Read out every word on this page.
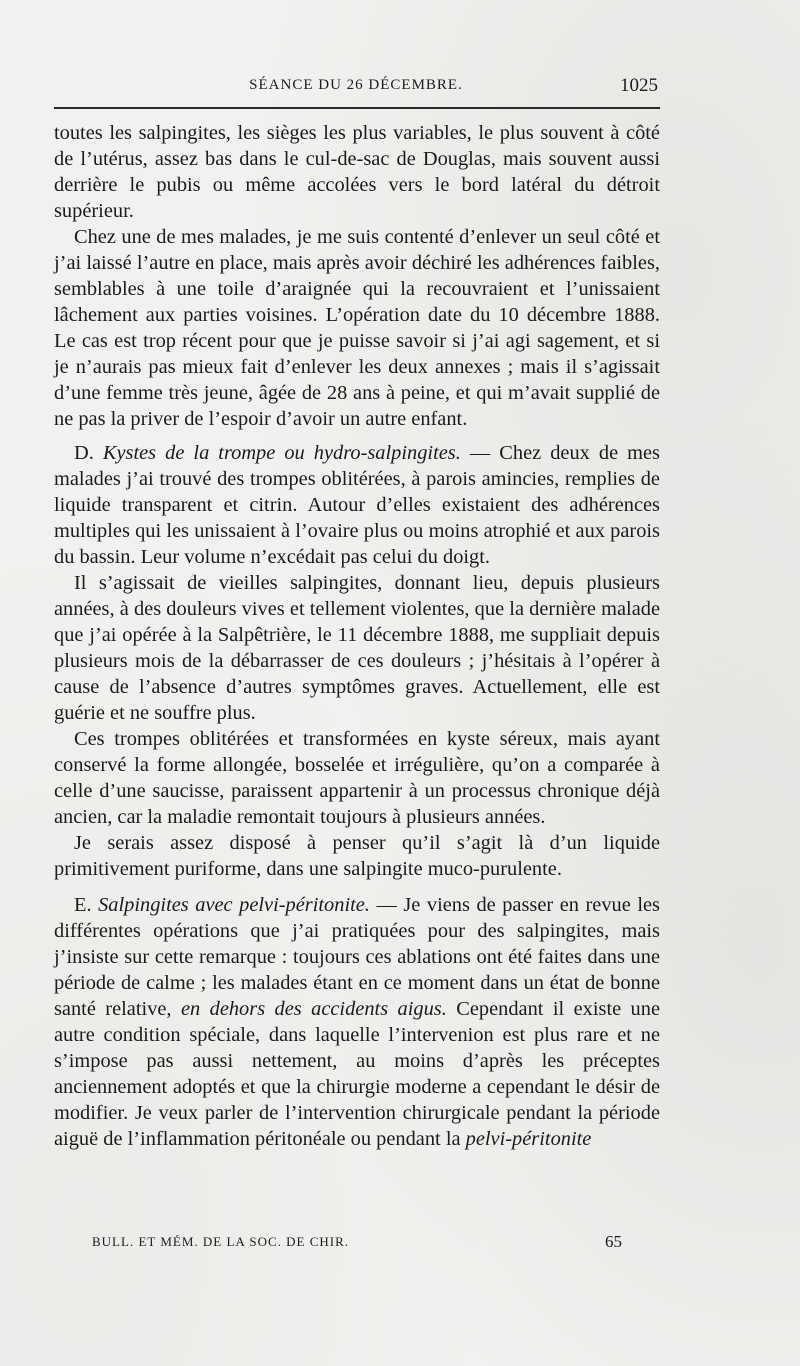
SÉANCE DU 26 DÉCEMBRE.	1025

toutes les salpingites, les sièges les plus variables, le plus souvent à côté de l’utérus, assez bas dans le cul-de-sac de Douglas, mais souvent aussi derrière le pubis ou même accolées vers le bord latéral du détroit supérieur.

Chez une de mes malades, je me suis contenté d’enlever un seul côté et j’ai laissé l’autre en place, mais après avoir déchiré les adhérences faibles, semblables à une toile d’araignée qui la recouvraient et l’unissaient lâchement aux parties voisines. L’opération date du 10 décembre 1888. Le cas est trop récent pour que je puisse savoir si j’ai agi sagement, et si je n’aurais pas mieux fait d’enlever les deux annexes ; mais il s’agissait d’une femme très jeune, âgée de 28 ans à peine, et qui m’avait supplié de ne pas la priver de l’espoir d’avoir un autre enfant.

D. Kystes de la trompe ou hydro-salpingites. — Chez deux de mes malades j’ai trouvé des trompes oblitérées, à parois amincies, remplies de liquide transparent et citrin. Autour d’elles existaient des adhérences multiples qui les unissaient à l’ovaire plus ou moins atrophié et aux parois du bassin. Leur volume n’excédait pas celui du doigt.

Il s’agissait de vieilles salpingites, donnant lieu, depuis plusieurs années, à des douleurs vives et tellement violentes, que la dernière malade que j’ai opérée à la Salpêtrière, le 11 décembre 1888, me suppliait depuis plusieurs mois de la débarrasser de ces douleurs ; j’hésitais à l’opérer à cause de l’absence d’autres symptômes graves. Actuellement, elle est guérie et ne souffre plus.

Ces trompes oblitérées et transformées en kyste séreux, mais ayant conservé la forme allongée, bosselée et irrégulière, qu’on a comparée à celle d’une saucisse, paraissent appartenir à un processus chronique déjà ancien, car la maladie remontait toujours à plusieurs années.

Je serais assez disposé à penser qu’il s’agit là d’un liquide primitivement puriforme, dans une salpingite muco-purulente.

E. Salpingites avec pelvi-péritonite. — Je viens de passer en revue les différentes opérations que j’ai pratiquées pour des salpingites, mais j’insiste sur cette remarque : toujours ces ablations ont été faites dans une période de calme ; les malades étant en ce moment dans un état de bonne santé relative, en dehors des accidents aigus. Cependant il existe une autre condition spéciale, dans laquelle l’intervenion est plus rare et ne s’impose pas aussi nettement, au moins d’après les préceptes anciennement adoptés et que la chirurgie moderne a cependant le désir de modifier. Je veux parler de l’intervention chirurgicale pendant la période aiguë de l’inflammation péritonéale ou pendant la pelvi-péritonite

BULL. ET MÉM. DE LA SOC. DE CHIR.	65
